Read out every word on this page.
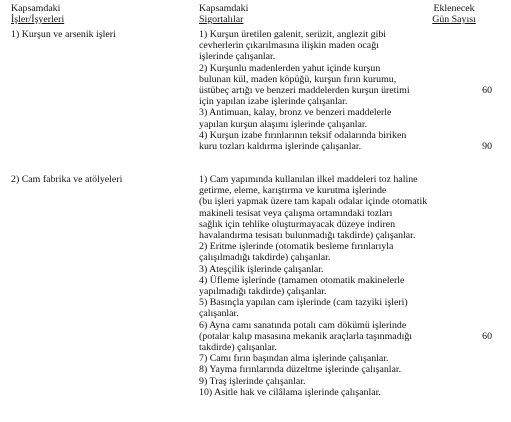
Kapsamdaki
İşler/İşyerleri
Kapsamdaki
Sigortalılar
Eklenecek
Gün Sayısı
1) Kurşun ve arsenik işleri	1) Kurşun üretilen galenit, serüzit, anglezit gibi
cevherlerin çıkarılmasına ilişkin maden ocağı
işlerinde çalışanlar.
2) Kurşunlu madenlerden yahut içinde kurşun
bulunan kül, maden köpüğü, kurşun fırın kurumu,
üstübeç artığı ve benzeri maddelerden kurşun üretimi
için yapılan izabe işlerinde çalışanlar.
3) Antimuan, kalay, bronz ve benzeri maddelerle
yapılan kurşun alaşımı işlerinde çalışanlar.
4) Kurşun izabe fırınlarının teksif odalarında biriken
kuru tozları kaldırma işlerinde çalışanlar.
60
90
2) Cam fabrika ve atölyeleri	1) Cam yapımında kullanılan ilkel maddeleri toz haline
getirme, eleme, karıştırma ve kurutma işlerinde
(bu işleri yapmak üzere tam kapalı odalar içinde otomatik
makineli tesisat veya çalışma ortamındaki tozları
sağlık için tehlike oluşturmayacak düzeye indiren
havalandırma tesisatı bulunmadığı takdirde) çalışanlar.
2) Eritme işlerinde (otomatik besleme fırınlarıyla
çalışılmadığı takdirde) çalışanlar.
3) Ateşçilik işlerinde çalışanlar.
4) Üfleme işlerinde (tamamen otomatik makinelerle
yapılmadığı takdirde) çalışanlar.
5) Basınçla yapılan cam işlerinde (cam tazyiki işleri)
çalışanlar.
6) Ayna camı sanatında potalı cam dökümü işlerinde
(potalar kalıp masasına mekanik araçlarla taşınmadığı
takdirde) çalışanlar.
7) Camı fırın başından alma işlerinde çalışanlar.
8) Yayma fırınlarında düzeltme işlerinde çalışanlar.
9) Traş işlerinde çalışanlar.
10) Asitle hak ve cilâlama işlerinde çalışanlar.
60
